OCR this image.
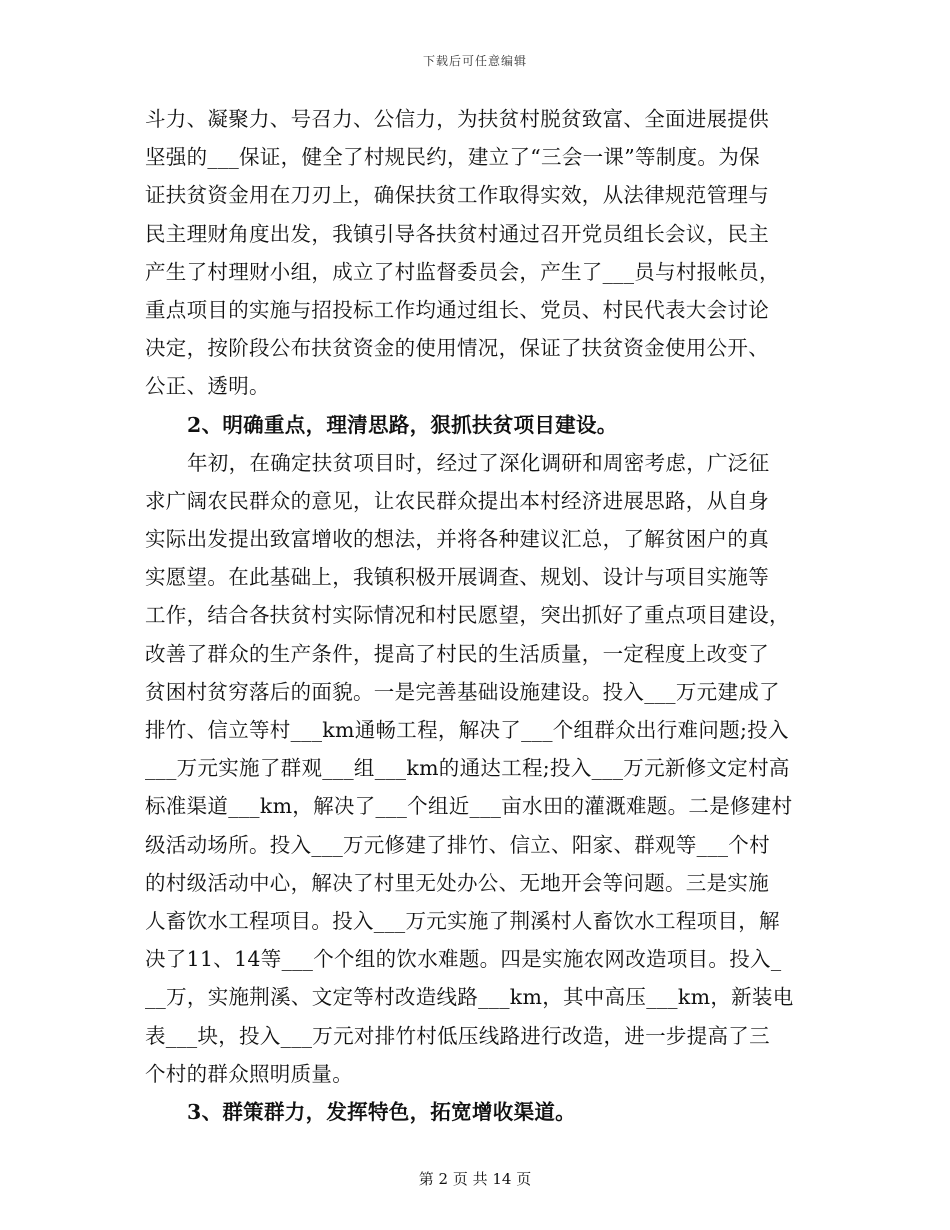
下载后可任意编辑
斗力、凝聚力、号召力、公信力，为扶贫村脱贫致富、全面进展提供
坚强的___保证，健全了村规民约，建立了“三会一课”等制度。为保
证扶贫资金用在刀刃上，确保扶贫工作取得实效，从法律规范管理与
民主理财角度出发，我镇引导各扶贫村通过召开党员组长会议，民主
产生了村理财小组，成立了村监督委员会，产生了___员与村报帐员，
重点项目的实施与招投标工作均通过组长、党员、村民代表大会讨论
决定，按阶段公布扶贫资金的使用情况，保证了扶贫资金使用公开、
公正、透明。
2、明确重点，理清思路，狠抓扶贫项目建设。
年初，在确定扶贫项目时，经过了深化调研和周密考虑，广泛征
求广阔农民群众的意见，让农民群众提出本村经济进展思路，从自身
实际出发提出致富增收的想法，并将各种建议汇总，了解贫困户的真
实愿望。在此基础上，我镇积极开展调查、规划、设计与项目实施等
工作，结合各扶贫村实际情况和村民愿望，突出抓好了重点项目建设，
改善了群众的生产条件，提高了村民的生活质量，一定程度上改变了
贫困村贫穷落后的面貌。一是完善基础设施建设。投入___万元建成了
排竹、信立等村___km通畅工程，解决了___个组群众出行难问题;投入
___万元实施了群观___组___km的通达工程;投入___万元新修文定村高
标准渠道___km，解决了___个组近___亩水田的灌溉难题。二是修建村
级活动场所。投入___万元修建了排竹、信立、阳家、群观等___个村
的村级活动中心，解决了村里无处办公、无地开会等问题。三是实施
人畜饮水工程项目。投入___万元实施了荆溪村人畜饮水工程项目，解
决了11、14等___个个组的饮水难题。四是实施农网改造项目。投入_
__万，实施荆溪、文定等村改造线路___km，其中高压___km，新装电
表___块，投入___万元对排竹村低压线路进行改造，进一步提高了三
个村的群众照明质量。
3、群策群力，发挥特色，拓宽增收渠道。
第 2 页 共 14 页
